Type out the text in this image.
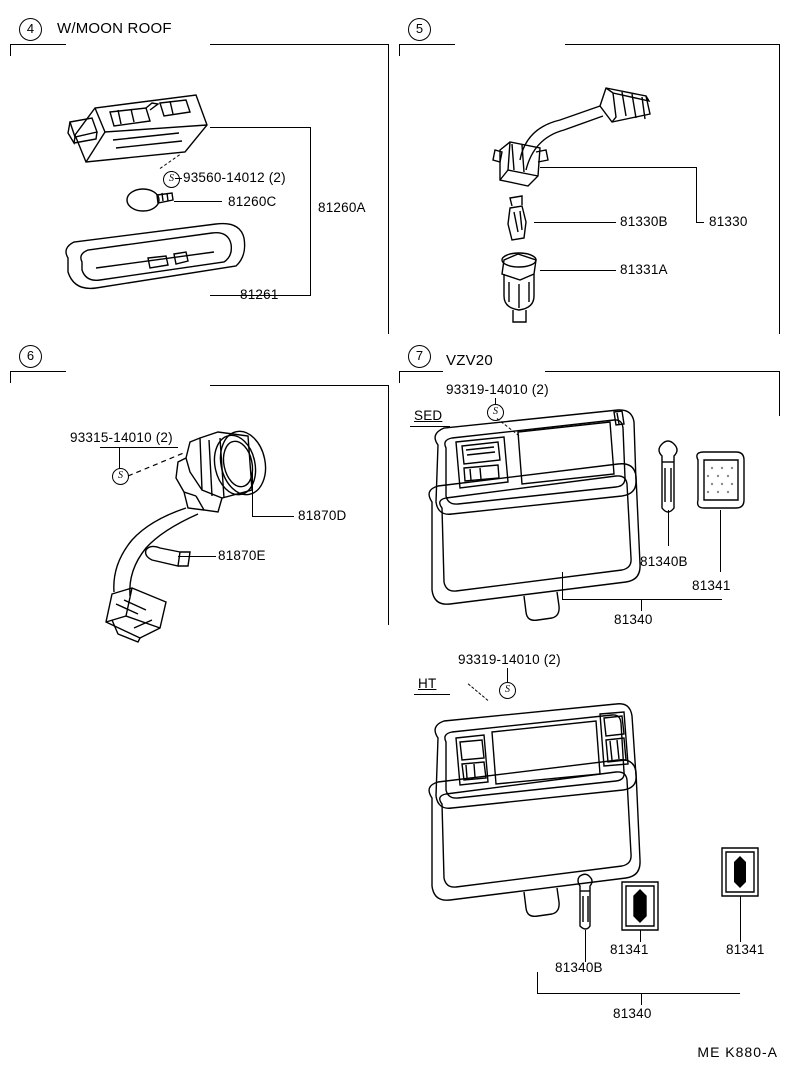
4	W/MOON ROOF	5
6	7	VZV20
S 93560-14012 (2)
81260C	81260A
81261
81330B	81330
81331A
S
93315-14010 (2)
81870D
81870E
93319-14010 (2)
SED	S
81340B
81341
81340
93319-14010 (2)
HT	S
81340B
81341	81341
81340
ME K880-A
